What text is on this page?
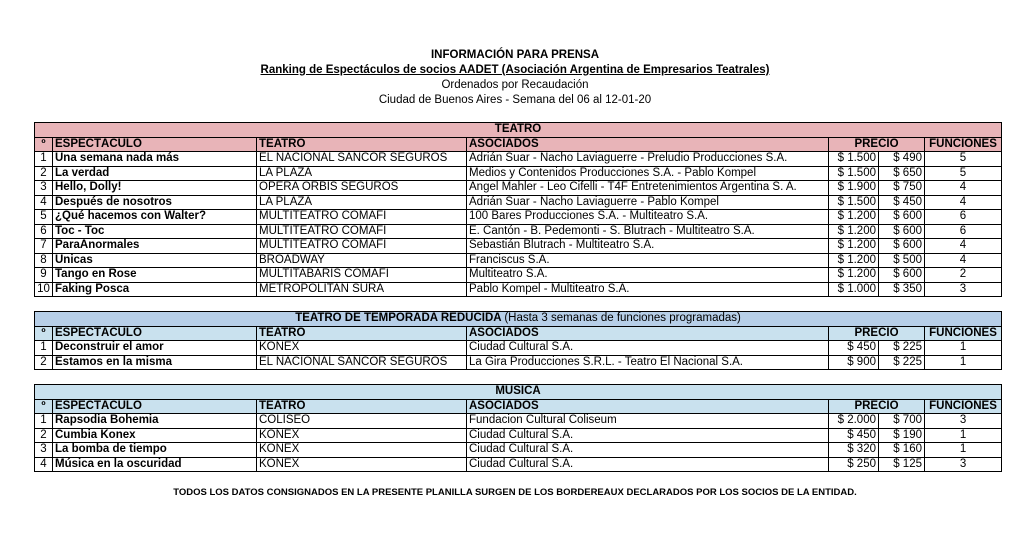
INFORMACIÓN PARA PRENSA
Ranking de Espectáculos de socios AADET (Asociación Argentina de Empresarios Teatrales)
Ordenados por Recaudación
Ciudad de Buenos Aires - Semana del 06 al 12-01-20
TEATRO						
º	ESPECTÁCULO	TEATRO	ASOCIADOS	PRECIO		FUNCIONES
1	Una semana nada más	EL NACIONAL SANCOR SEGUROS	Adrián Suar - Nacho Laviaguerre - Preludio Producciones S.A.	$ 1.500	$ 490	5
2	La verdad	LA PLAZA	Medios y Contenidos Producciones S.A. - Pablo Kompel	$ 1.500	$ 650	5
3	Hello, Dolly!	OPERA ORBIS SEGUROS	Angel Mahler - Leo Cifelli - T4F Entretenimientos Argentina S. A.	$ 1.900	$ 750	4
4	Después de nosotros	LA PLAZA	Adrián Suar - Nacho Laviaguerre - Pablo Kompel	$ 1.500	$ 450	4
5	¿Qué hacemos con Walter?	MULTITEATRO COMAFI	100 Bares Producciones S.A. - Multiteatro S.A.	$ 1.200	$ 600	6
6	Toc - Toc	MULTITEATRO COMAFI	E. Cantón - B. Pedemonti - S. Blutrach - Multiteatro S.A.	$ 1.200	$ 600	6
7	ParaAnormales	MULTITEATRO COMAFI	Sebastián Blutrach - Multiteatro S.A.	$ 1.200	$ 600	4
8	Únicas	BROADWAY	Franciscus S.A.	$ 1.200	$ 500	4
9	Tango en Rose	MULTITABARIS COMAFI	Multiteatro S.A.	$ 1.200	$ 600	2
10	Faking Posca	METROPOLITAN SURA	Pablo Kompel - Multiteatro S.A.	$ 1.000	$ 350	3
TEATRO DE TEMPORADA REDUCIDA (Hasta 3 semanas de funciones programadas)						
º	ESPECTÁCULO	TEATRO	ASOCIADOS	PRECIO		FUNCIONES
1	Deconstruir el amor	KONEX	Ciudad Cultural S.A.	$ 450	$ 225	1
2	Estamos en la misma	EL NACIONAL SANCOR SEGUROS	La Gira Producciones S.R.L. - Teatro El Nacional S.A.	$ 900	$ 225	1
MUSICA						
º	ESPECTÁCULO	TEATRO	ASOCIADOS	PRECIO		FUNCIONES
1	Rapsodia Bohemia	COLISEO	Fundacion Cultural Coliseum	$ 2.000	$ 700	3
2	Cumbia Konex	KONEX	Ciudad Cultural S.A.	$ 450	$ 190	1
3	La bomba de tiempo	KONEX	Ciudad Cultural S.A.	$ 320	$ 160	1
4	Música en la oscuridad	KONEX	Ciudad Cultural S.A.	$ 250	$ 125	3
TODOS LOS DATOS CONSIGNADOS EN LA PRESENTE PLANILLA SURGEN DE LOS BORDEREAUX DECLARADOS POR LOS SOCIOS DE LA ENTIDAD.
